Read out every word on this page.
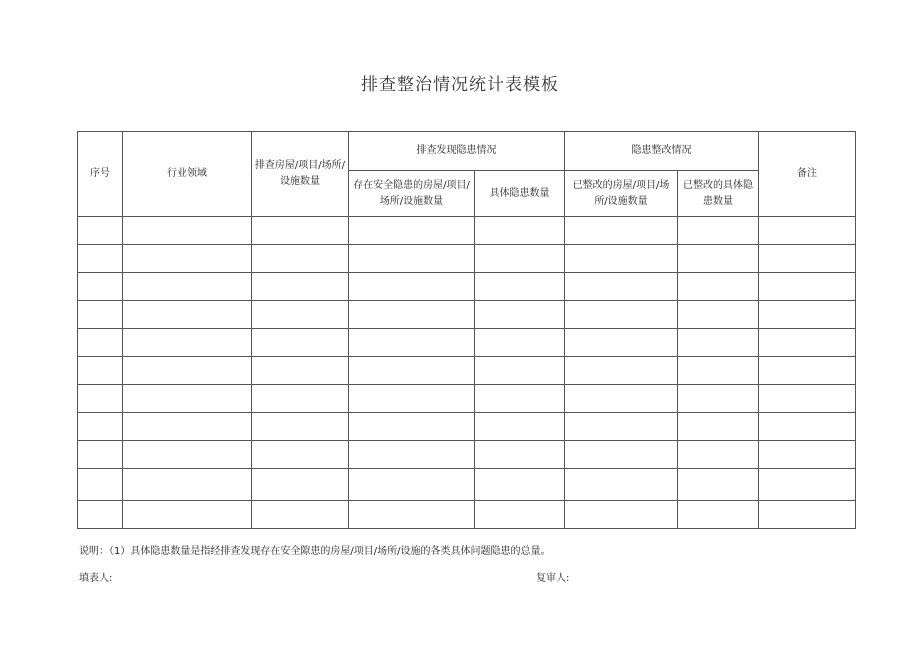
排查整治情况统计表模板
序号	行业领域	排查房屋/项目/场所/设施数量	排查发现隐患情况		隐患整改情况		备注
			存在安全隐患的房屋/项目/场所/设施数量	具体隐患数量	已整改的房屋/项目/场所/设施数量	已整改的具体隐患数量	

说明：（1）具体隐患数量是指经排查发现存在安全隙患的房屋/项目/场所/设施的各类具体问题隐患的总量。
填表人:	复审人:
